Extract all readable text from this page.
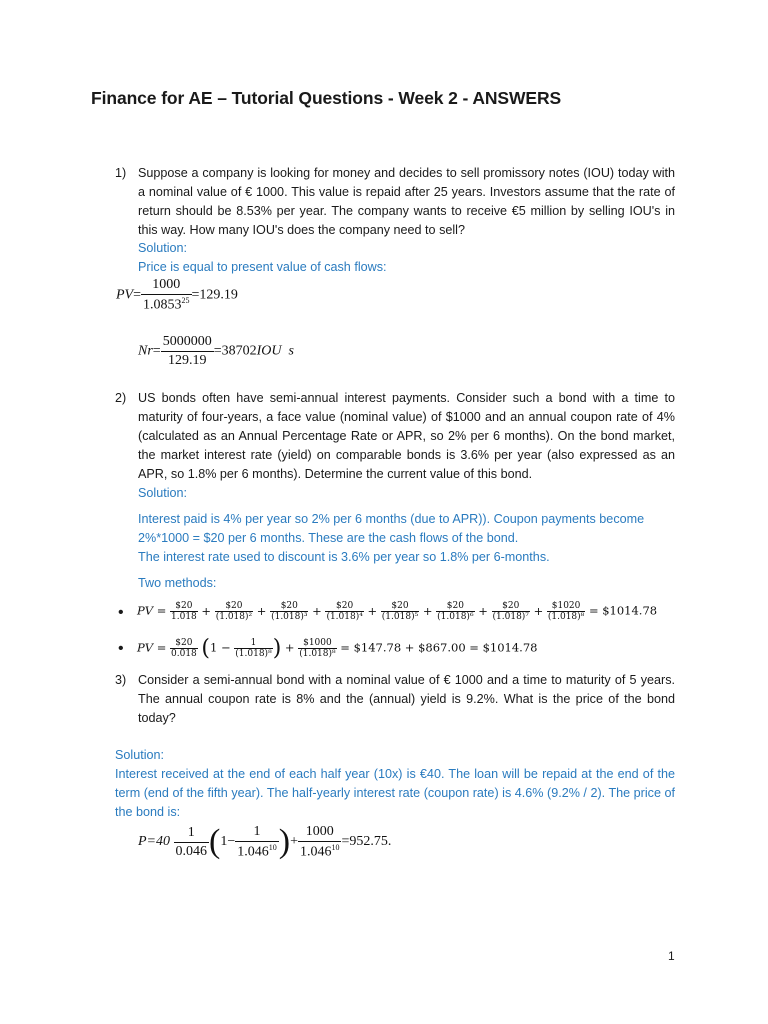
Finance for AE – Tutorial Questions - Week 2 - ANSWERS
1) Suppose a company is looking for money and decides to sell promissory notes (IOU) today with a nominal value of € 1000. This value is repaid after 25 years. Investors assume that the rate of return should be 8.53% per year. The company wants to receive €5 million by selling IOU's in this way. How many IOU's does the company need to sell?
Solution:
Price is equal to present value of cash flows:
$PV= \frac{1000}{1.0853^{25}} =129.19$
$Nr= \frac{5000000}{129.19} =38702IOU$  s
2) US bonds often have semi-annual interest payments. Consider such a bond with a time to maturity of four-years, a face value (nominal value) of $1000 and an annual coupon rate of 4% (calculated as an Annual Percentage Rate or APR, so 2% per 6 months). On the bond market, the market interest rate (yield) on comparable bonds is 3.6% per year (also expressed as an APR, so 1.8% per 6 months). Determine the current value of this bond.
Solution:
Interest paid is 4% per year so 2% per 6 months (due to APR)). Coupon payments become 2%*1000 = $20 per 6 months. These are the cash flows of the bond.
The interest rate used to discount is 3.6% per year so 1.8% per 6-months.
Two methods:
• PV = $\frac{\$20}{1.018} + \frac{\$20}{\text{(1.018)²}} + \frac{\$20}{\text{(1.018)³}} + \frac{\$20}{\text{(1.018)⁴}} + \frac{\$20}{\text{(1.018)⁵}} + \frac{\$20}{\text{(1.018)⁶}} + \frac{\$20}{\text{(1.018)⁷}} + \frac{\$1020}{\text{(1.018)⁸}}$ = $1014.78
• PV = $\frac{\$20}{0.018} (1 - \frac{1}{\text{(1.018)⁸}}$ ) + $\frac{\$1000}{\text{(1.018)⁸}}$ = $147.78 + $867.00 = $1014.78
3) Consider a semi-annual bond with a nominal value of € 1000 and a time to maturity of 5 years. The annual coupon rate is 8% and the (annual) yield is 9.2%. What is the price of the bond today?
Solution:
Interest received at the end of each half year (10x) is €40. The loan will be repaid at the end of the term (end of the fifth year). The half-yearly interest rate (coupon rate) is 4.6% (9.2% / 2). The price of the bond is:
$P=40 \frac{1}{0.046} (1- \frac{1}{1.046^{10}}$ )+ $\frac{1000}{1.046^{10}} =952.75$.
1
